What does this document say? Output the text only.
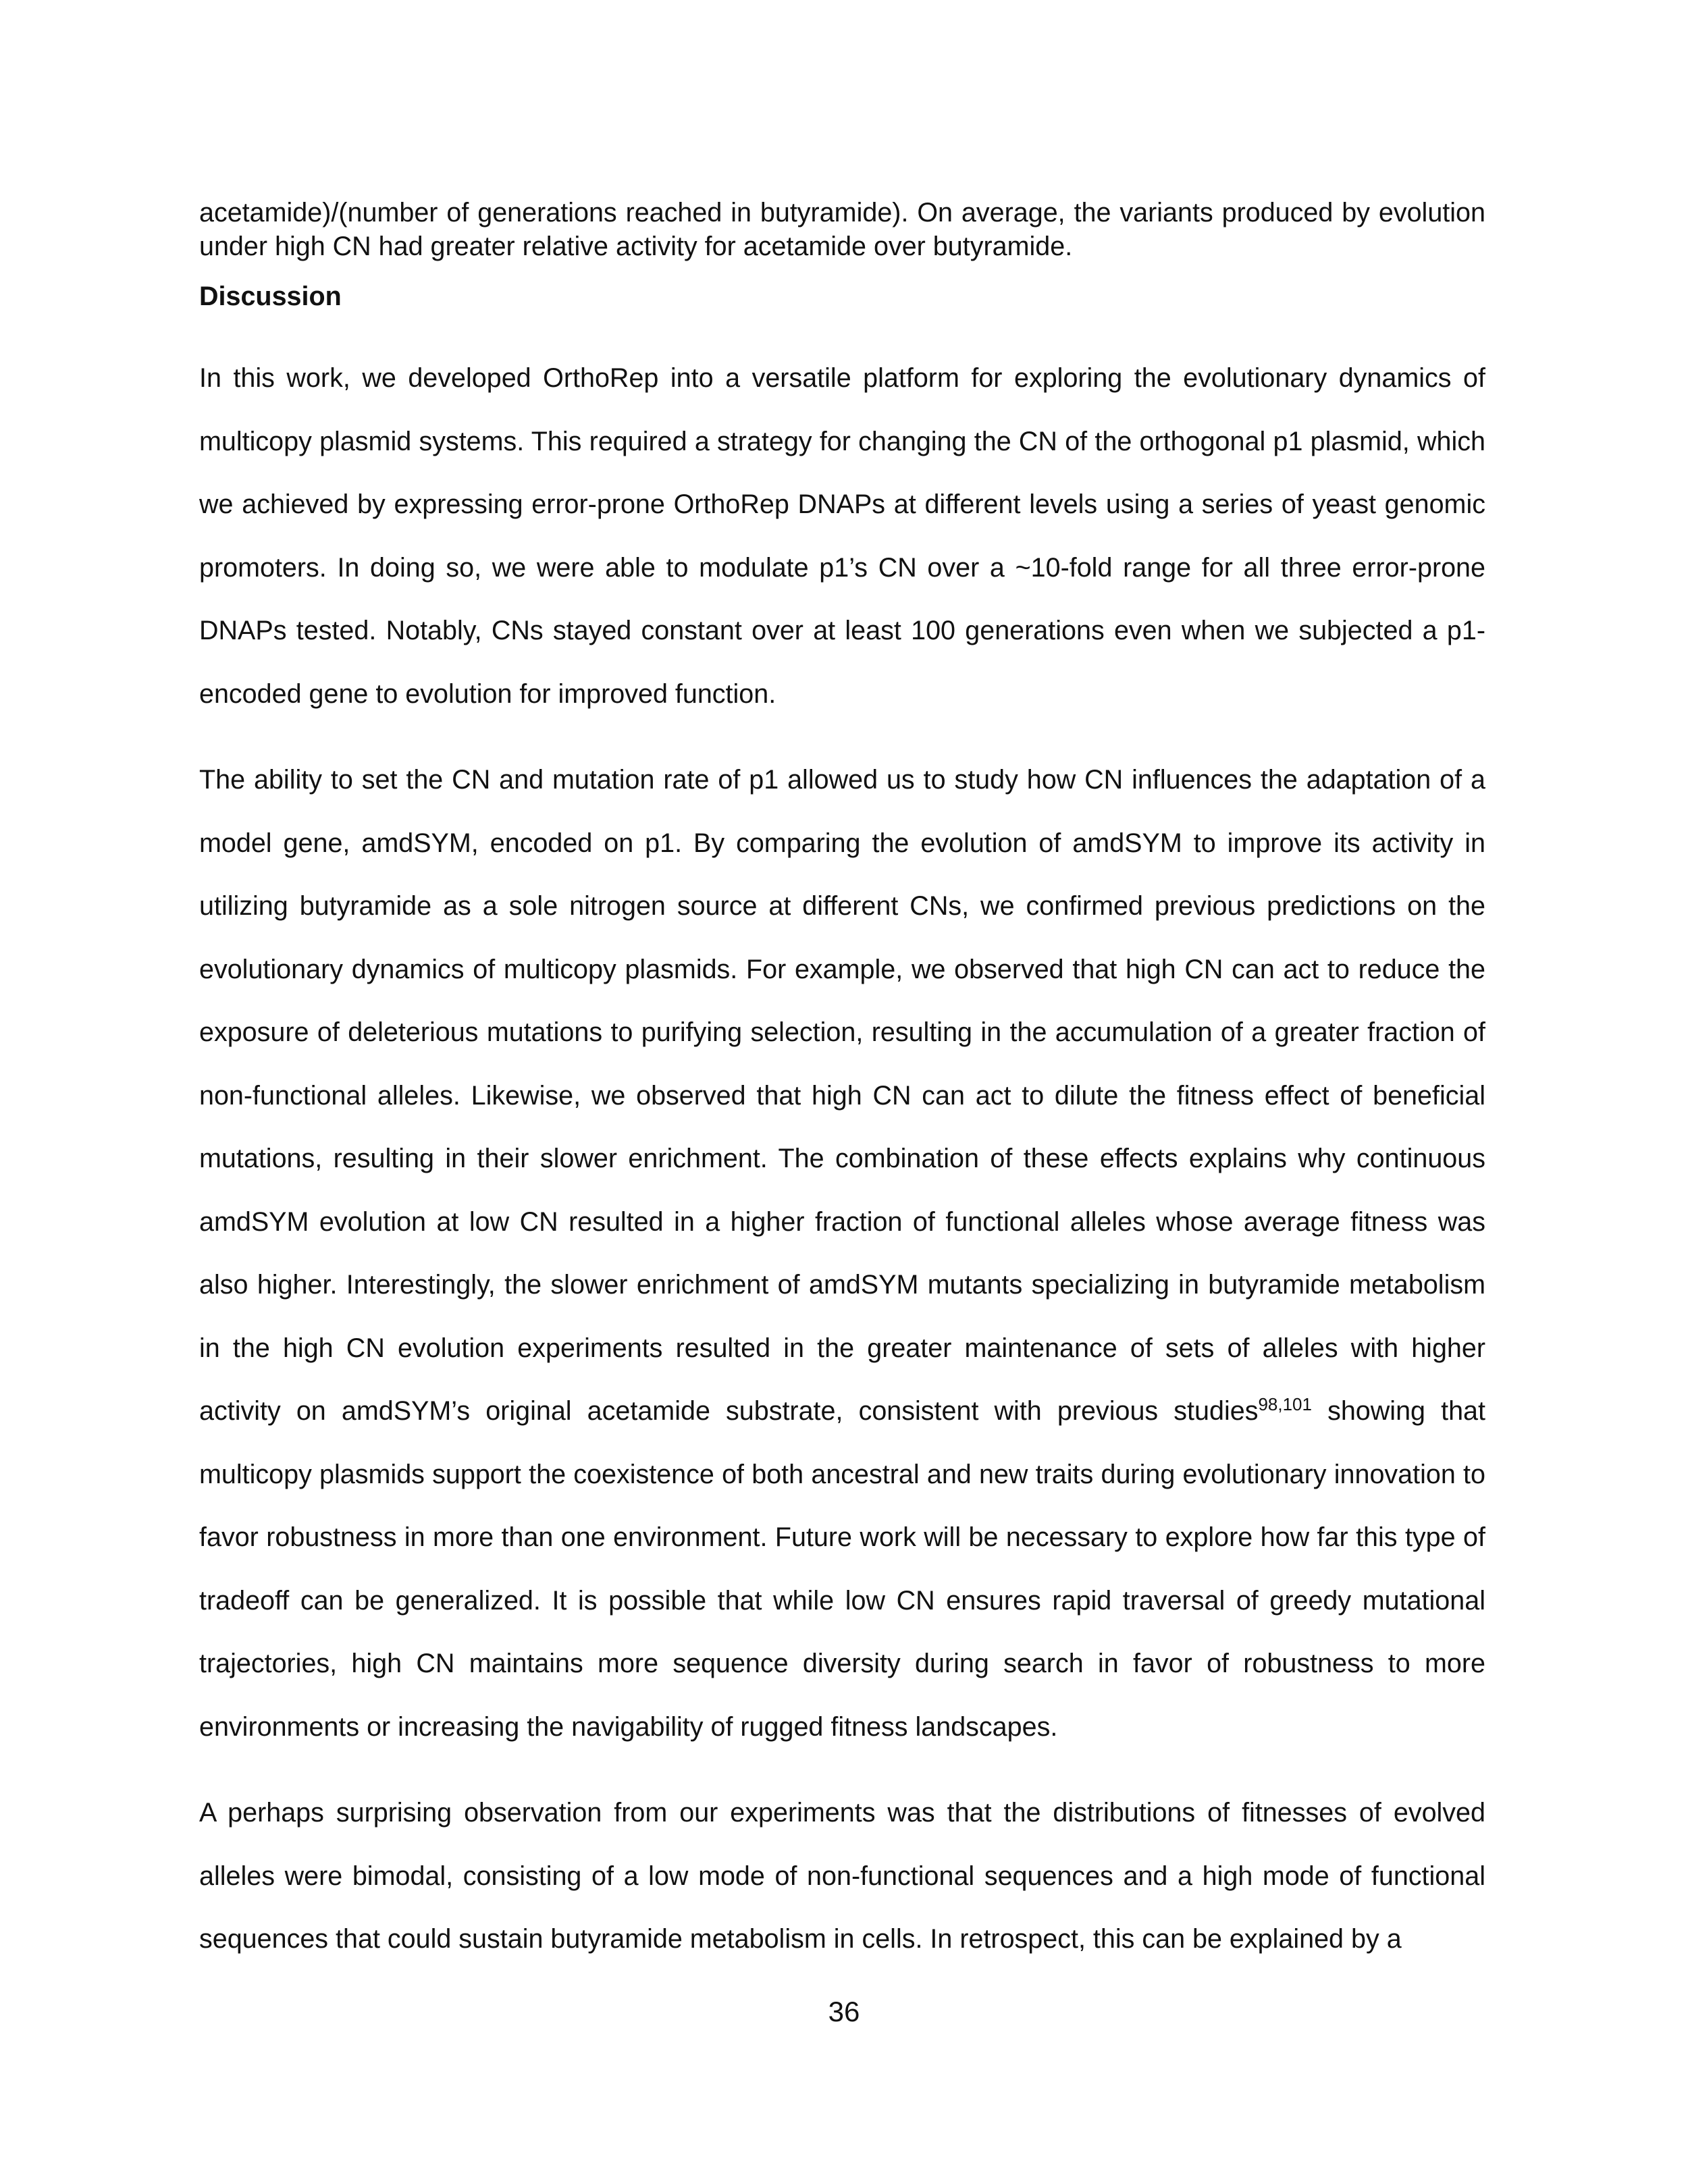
acetamide)/(number of generations reached in butyramide). On average, the variants produced by evolution under high CN had greater relative activity for acetamide over butyramide.

Discussion

In this work, we developed OrthoRep into a versatile platform for exploring the evolutionary dynamics of multicopy plasmid systems. This required a strategy for changing the CN of the orthogonal p1 plasmid, which we achieved by expressing error-prone OrthoRep DNAPs at different levels using a series of yeast genomic promoters. In doing so, we were able to modulate p1’s CN over a ~10-fold range for all three error-prone DNAPs tested. Notably, CNs stayed constant over at least 100 generations even when we subjected a p1-encoded gene to evolution for improved function.

The ability to set the CN and mutation rate of p1 allowed us to study how CN influences the adaptation of a model gene, amdSYM, encoded on p1. By comparing the evolution of amdSYM to improve its activity in utilizing butyramide as a sole nitrogen source at different CNs, we confirmed previous predictions on the evolutionary dynamics of multicopy plasmids. For example, we observed that high CN can act to reduce the exposure of deleterious mutations to purifying selection, resulting in the accumulation of a greater fraction of non-functional alleles. Likewise, we observed that high CN can act to dilute the fitness effect of beneficial mutations, resulting in their slower enrichment. The combination of these effects explains why continuous amdSYM evolution at low CN resulted in a higher fraction of functional alleles whose average fitness was also higher. Interestingly, the slower enrichment of amdSYM mutants specializing in butyramide metabolism in the high CN evolution experiments resulted in the greater maintenance of sets of alleles with higher activity on amdSYM’s original acetamide substrate, consistent with previous studies$^{98,101}$ showing that multicopy plasmids support the coexistence of both ancestral and new traits during evolutionary innovation to favor robustness in more than one environment. Future work will be necessary to explore how far this type of tradeoff can be generalized. It is possible that while low CN ensures rapid traversal of greedy mutational trajectories, high CN maintains more sequence diversity during search in favor of robustness to more environments or increasing the navigability of rugged fitness landscapes.

A perhaps surprising observation from our experiments was that the distributions of fitnesses of evolved alleles were bimodal, consisting of a low mode of non-functional sequences and a high mode of functional sequences that could sustain butyramide metabolism in cells. In retrospect, this can be explained by a

36
